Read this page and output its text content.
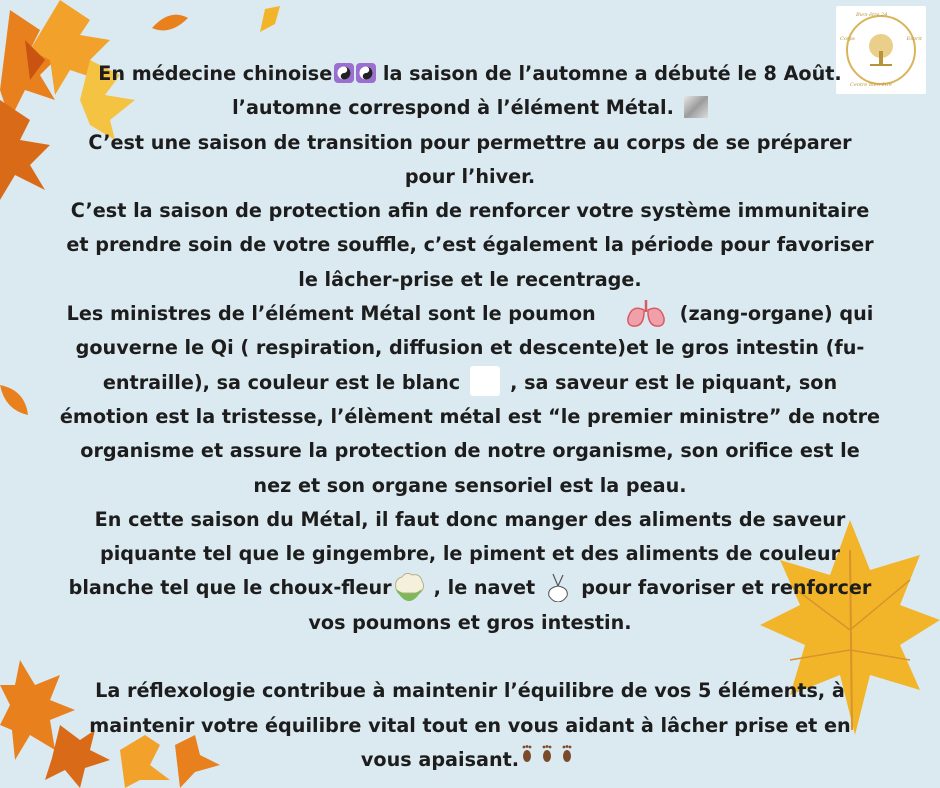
Bien-être 24
Corps	Esprit
Centre bien-être

En médecine chinoise
la saison de l’automne a débuté le 8 Août.

l’automne correspond à l’élément Métal.

C’est une saison de transition pour permettre au corps de se préparer

pour l’hiver.

C’est la saison de protection afin de renforcer votre système immunitaire

et prendre soin de votre souffle, c’est également la période pour favoriser

le lâcher-prise et le recentrage.

Les ministres de l’élément Métal sont le poumon	(zang-organe) qui

gouverne le Qi ( respiration, diffusion et descente)et le gros intestin (fu-

entraille), sa couleur est le blanc	, sa saveur est le piquant, son

émotion est la tristesse, l’élèment métal est “le premier ministre” de notre

organisme et assure la protection de notre organisme, son orifice est le

nez et son organe sensoriel est la peau.

En cette saison du Métal, il faut donc manger des aliments de saveur

piquante tel que le gingembre, le piment et des aliments de couleur

blanche tel que le choux-fleur , le navet pour favoriser et renforcer

vos poumons et gros intestin.

La réflexologie contribue à maintenir l’équilibre de vos 5 éléments, à

maintenir votre équilibre vital tout en vous aidant à lâcher prise et en

vous apaisant.
